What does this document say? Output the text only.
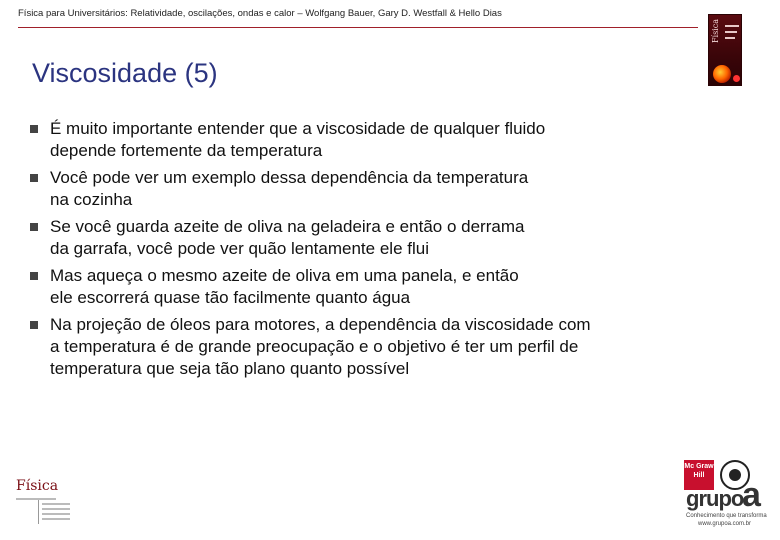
Física para Universitários: Relatividade, oscilações, ondas e calor – Wolfgang Bauer, Gary D. Westfall & Hello Dias
Física
Viscosidade (5)
É muito importante entender que a viscosidade de qualquer fluido
depende fortemente da temperatura
Você pode ver um exemplo dessa dependência da temperatura
na cozinha
Se você guarda azeite de oliva na geladeira e então o derrama
da garrafa, você pode ver quão lentamente ele flui
Mas aqueça o mesmo azeite de oliva em uma panela, e então
ele escorrerá quase tão facilmente quanto água
Na projeção de óleos para motores, a dependência da viscosidade com
a temperatura é de grande preocupação e o objetivo é ter um perfil de
temperatura que seja tão plano quanto possível
Física
Mc Graw Hill
grupo
a
Conhecimento que transforma
www.grupoa.com.br
